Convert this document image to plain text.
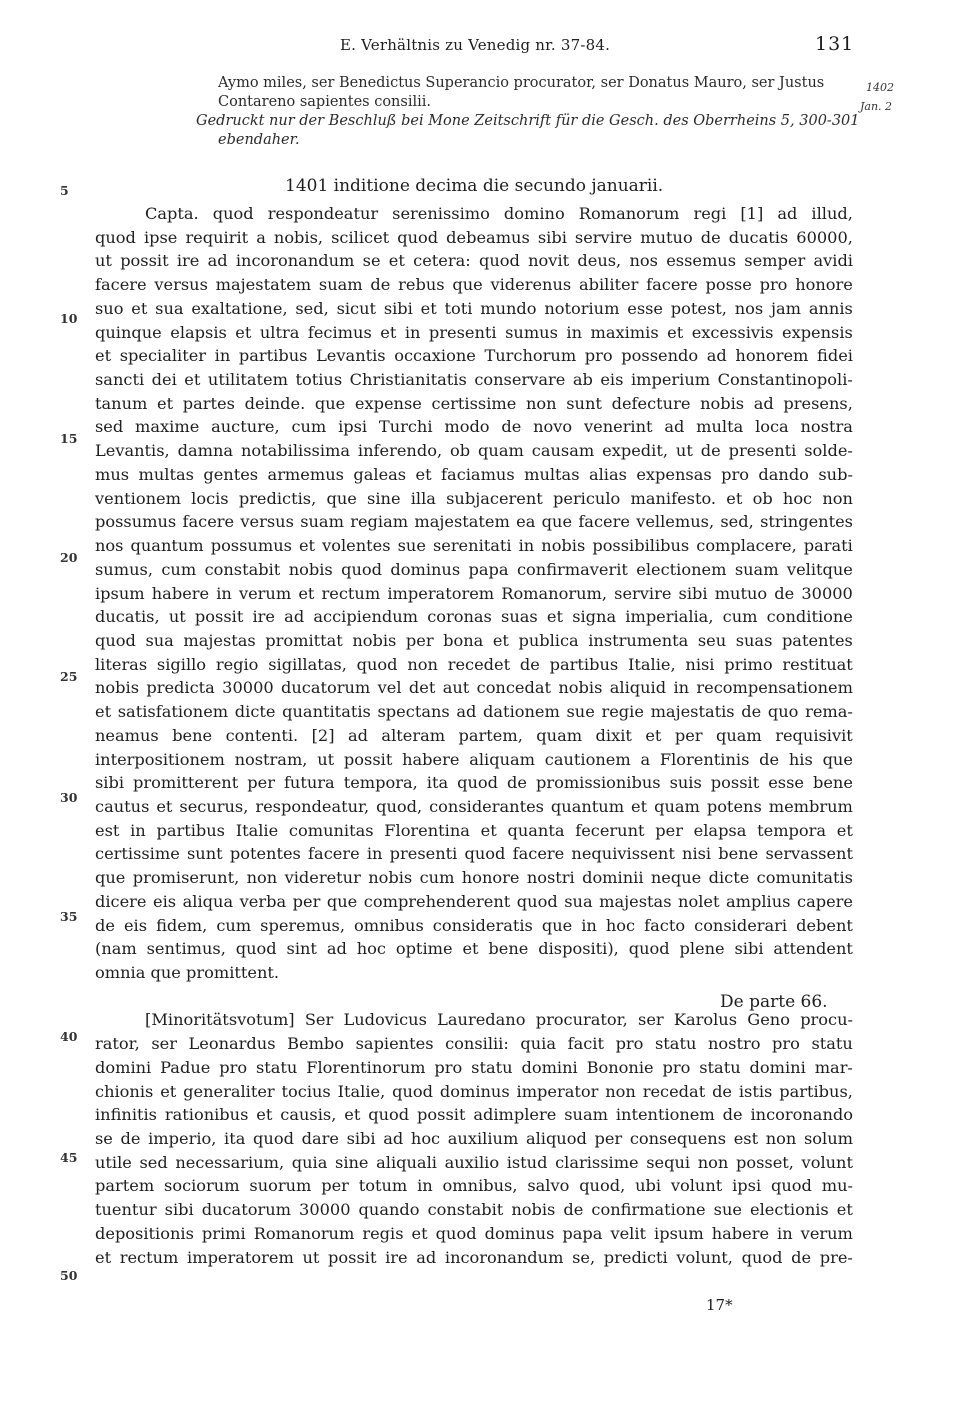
E. Verhältnis zu Venedig nr. 37-84.	131
Aymo miles, ser Benedictus Superancio procurator, ser Donatus Mauro, ser Justus
Contareno sapientes consilii.
Gedruckt nur der Beschluß bei Mone Zeitschrift für die Gesch. des Oberrheins 5, 300-301
ebendaher.
1402
Jan. 2
5
10
15
20
25
30
35
40
45
50
1401 inditione decima die secundo januarii.
Capta. quod respondeatur serenissimo domino Romanorum regi [1] ad illud,
quod ipse requirit a nobis, scilicet quod debeamus sibi servire mutuo de ducatis 60000,
ut possit ire ad incoronandum se et cetera: quod novit deus, nos essemus semper avidi
facere versus majestatem suam de rebus que viderenus abiliter facere posse pro honore
suo et sua exaltatione, sed, sicut sibi et toti mundo notorium esse potest, nos jam annis
quinque elapsis et ultra fecimus et in presenti sumus in maximis et excessivis expensis
et specialiter in partibus Levantis occaxione Turchorum pro possendo ad honorem fidei
sancti dei et utilitatem totius Christianitatis conservare ab eis imperium Constantinopoli-
tanum et partes deinde. que expense certissime non sunt defecture nobis ad presens,
sed maxime aucture, cum ipsi Turchi modo de novo venerint ad multa loca nostra
Levantis, damna notabilissima inferendo, ob quam causam expedit, ut de presenti solde-
mus multas gentes armemus galeas et faciamus multas alias expensas pro dando sub-
ventionem locis predictis, que sine illa subjacerent periculo manifesto. et ob hoc non
possumus facere versus suam regiam majestatem ea que facere vellemus, sed, stringentes
nos quantum possumus et volentes sue serenitati in nobis possibilibus complacere, parati
sumus, cum constabit nobis quod dominus papa confirmaverit electionem suam velitque
ipsum habere in verum et rectum imperatorem Romanorum, servire sibi mutuo de 30000
ducatis, ut possit ire ad accipiendum coronas suas et signa imperialia, cum conditione
quod sua majestas promittat nobis per bona et publica instrumenta seu suas patentes
literas sigillo regio sigillatas, quod non recedet de partibus Italie, nisi primo restituat
nobis predicta 30000 ducatorum vel det aut concedat nobis aliquid in recompensationem
et satisfationem dicte quantitatis spectans ad dationem sue regie majestatis de quo rema-
neamus bene contenti. [2] ad alteram partem, quam dixit et per quam requisivit
interpositionem nostram, ut possit habere aliquam cautionem a Florentinis de his que
sibi promitterent per futura tempora, ita quod de promissionibus suis possit esse bene
cautus et securus, respondeatur, quod, considerantes quantum et quam potens membrum
est in partibus Italie comunitas Florentina et quanta fecerunt per elapsa tempora et
certissime sunt potentes facere in presenti quod facere nequivissent nisi bene servassent
que promiserunt, non videretur nobis cum honore nostri dominii neque dicte comunitatis
dicere eis aliqua verba per que comprehenderent quod sua majestas nolet amplius capere
de eis fidem, cum speremus, omnibus consideratis que in hoc facto considerari debent
(nam sentimus, quod sint ad hoc optime et bene dispositi), quod plene sibi attendent
omnia que promittent.
[Minoritätsvotum] Ser Ludovicus Lauredano procurator, ser Karolus Geno procu-
rator, ser Leonardus Bembo sapientes consilii: quia facit pro statu nostro pro statu
domini Padue pro statu Florentinorum pro statu domini Bononie pro statu domini mar-
chionis et generaliter tocius Italie, quod dominus imperator non recedat de istis partibus,
infinitis rationibus et causis, et quod possit adimplere suam intentionem de incoronando
se de imperio, ita quod dare sibi ad hoc auxilium aliquod per consequens est non solum
utile sed necessarium, quia sine aliquali auxilio istud clarissime sequi non posset, volunt
partem sociorum suorum per totum in omnibus, salvo quod, ubi volunt ipsi quod mu-
tuentur sibi ducatorum 30000 quando constabit nobis de confirmatione sue electionis et
depositionis primi Romanorum regis et quod dominus papa velit ipsum habere in verum
et rectum imperatorem ut possit ire ad incoronandum se, predicti volunt, quod de pre-
De parte 66.
17*
